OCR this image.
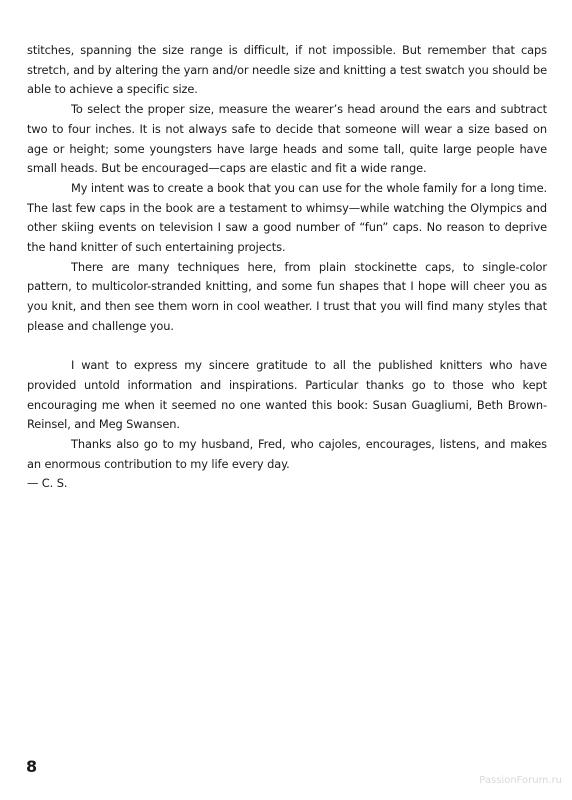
stitches, spanning the size range is difficult, if not impossible. But remember that caps stretch, and by altering the yarn and/or needle size and knitting a test swatch you should be able to achieve a specific size.

To select the proper size, measure the wearer’s head around the ears and subtract two to four inches. It is not always safe to decide that someone will wear a size based on age or height; some youngsters have large heads and some tall, quite large people have small heads. But be encouraged—caps are elastic and fit a wide range.

My intent was to create a book that you can use for the whole family for a long time. The last few caps in the book are a testament to whimsy—while watching the Olympics and other skiing events on television I saw a good number of “fun” caps. No reason to deprive the hand knitter of such entertaining projects.

There are many techniques here, from plain stockinette caps, to single-color pattern, to multicolor-stranded knitting, and some fun shapes that I hope will cheer you as you knit, and then see them worn in cool weather. I trust that you will find many styles that please and challenge you.

I want to express my sincere gratitude to all the published knitters who have provided untold information and inspirations. Particular thanks go to those who kept encouraging me when it seemed no one wanted this book: Susan Guagliumi, Beth Brown-Reinsel, and Meg Swansen.

Thanks also go to my husband, Fred, who cajoles, encourages, listens, and makes an enormous contribution to my life every day.

— C. S.

8
PassionForum.ru
